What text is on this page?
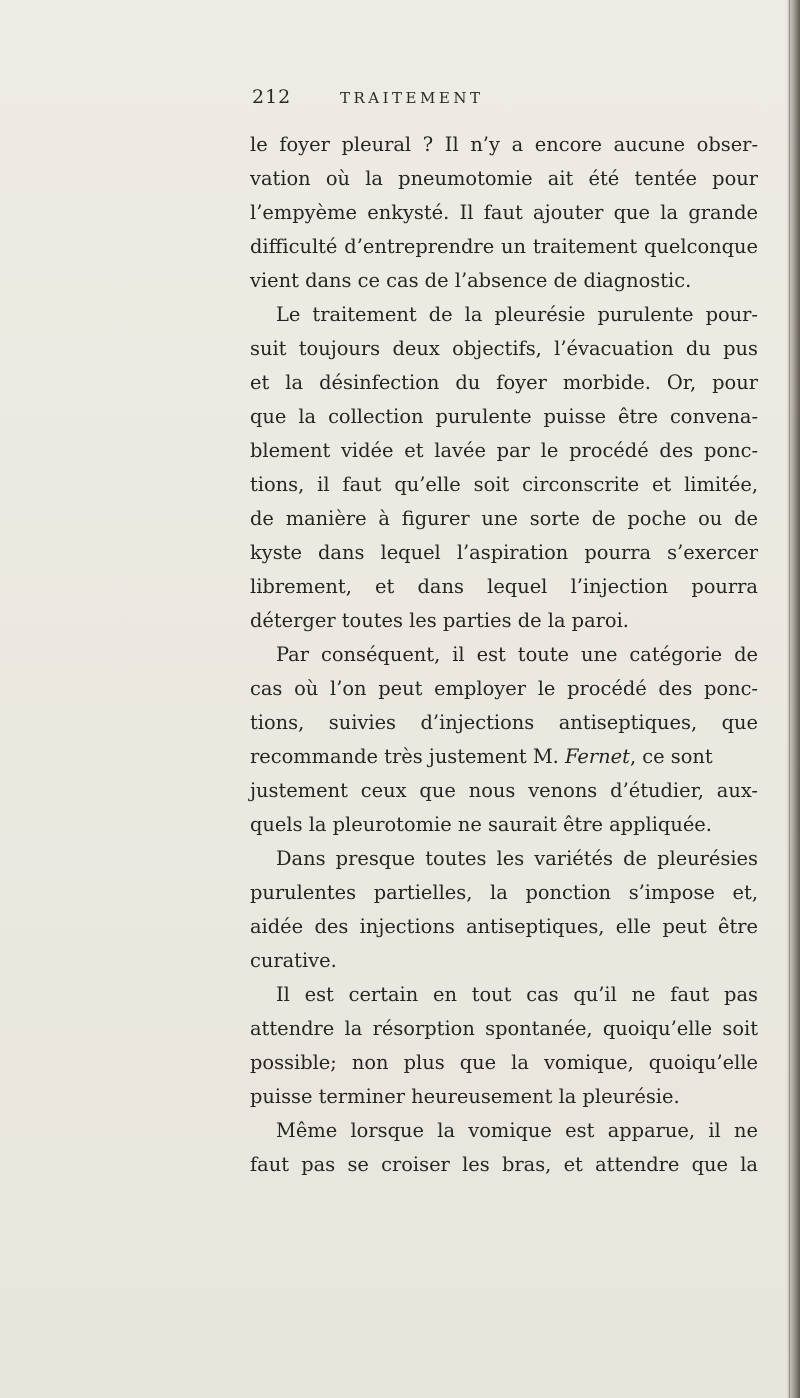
212	TRAITEMENT
le foyer pleural ? Il n’y a encore aucune obser-
vation où la pneumotomie ait été tentée pour
l’empyème enkysté. Il faut ajouter que la grande
difficulté d’entreprendre un traitement quelconque
vient dans ce cas de l’absence de diagnostic.
Le traitement de la pleurésie purulente pour-
suit toujours deux objectifs, l’évacuation du pus
et la désinfection du foyer morbide. Or, pour
que la collection purulente puisse être convena-
blement vidée et lavée par le procédé des ponc-
tions, il faut qu’elle soit circonscrite et limitée,
de manière à figurer une sorte de poche ou de
kyste dans lequel l’aspiration pourra s’exercer
librement, et dans lequel l’injection pourra
déterger toutes les parties de la paroi.
Par conséquent, il est toute une catégorie de
cas où l’on peut employer le procédé des ponc-
tions, suivies d’injections antiseptiques, que
recommande très justement M. Fernet, ce sont
justement ceux que nous venons d’étudier, aux-
quels la pleurotomie ne saurait être appliquée.
Dans presque toutes les variétés de pleurésies
purulentes partielles, la ponction s’impose et,
aidée des injections antiseptiques, elle peut être
curative.
Il est certain en tout cas qu’il ne faut pas
attendre la résorption spontanée, quoiqu’elle soit
possible; non plus que la vomique, quoiqu’elle
puisse terminer heureusement la pleurésie.
Même lorsque la vomique est apparue, il ne
faut pas se croiser les bras, et attendre que la
